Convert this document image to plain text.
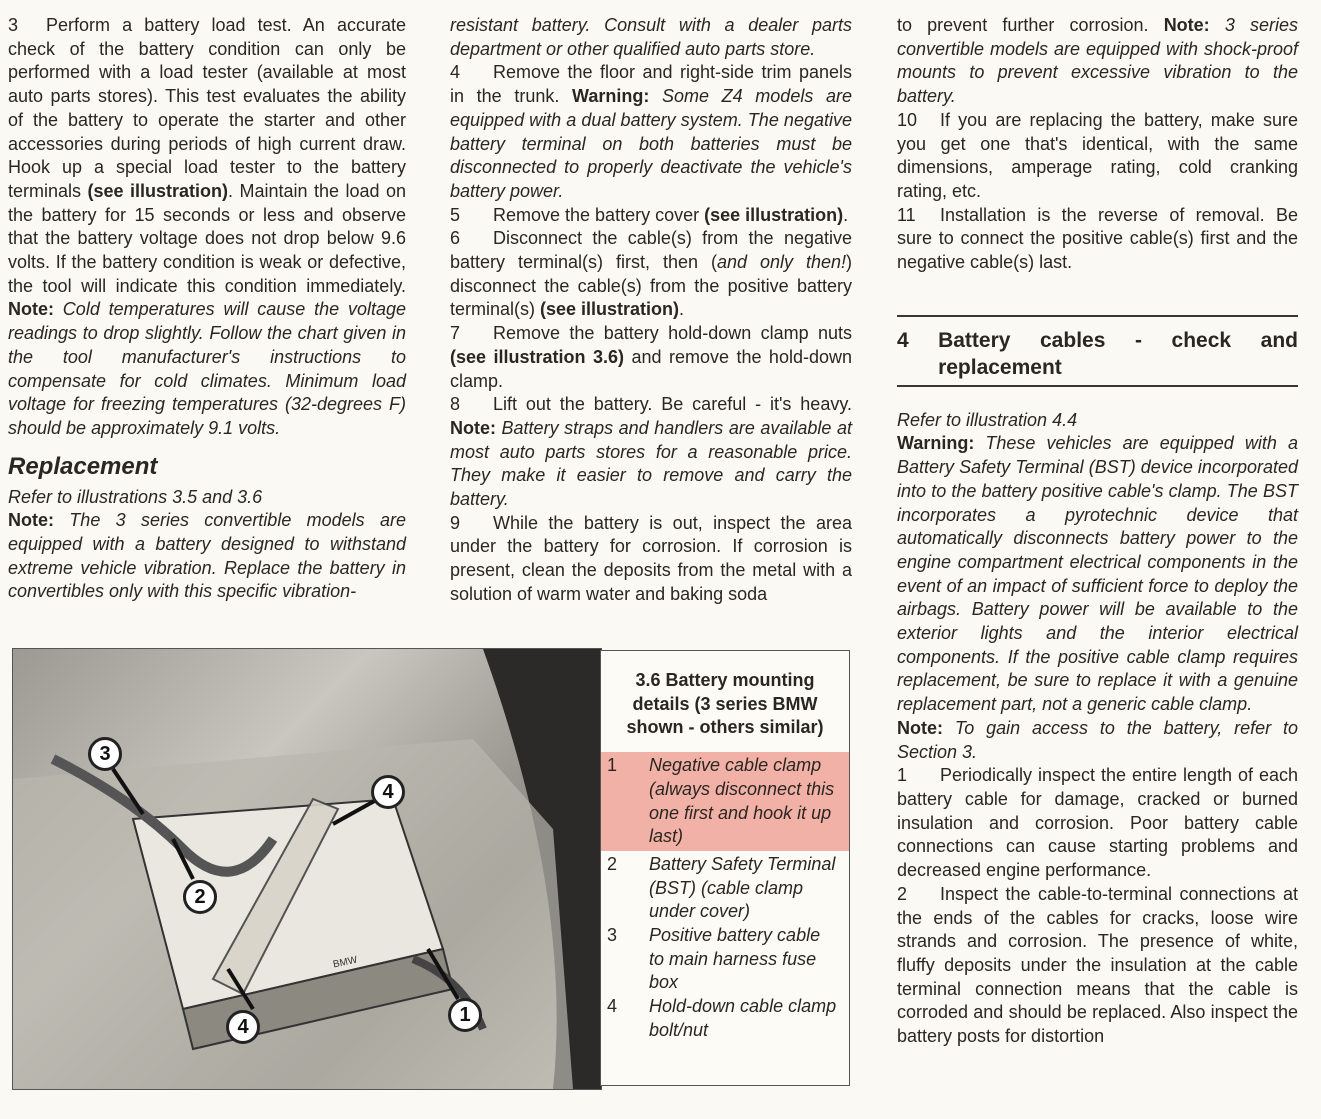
3 Perform a battery load test. An accurate check of the battery condition can only be performed with a load tester (available at most auto parts stores). This test evaluates the ability of the battery to operate the starter and other accessories during periods of high current draw. Hook up a special load tester to the battery terminals (see illustration). Maintain the load on the battery for 15 seconds or less and observe that the battery voltage does not drop below 9.6 volts. If the battery condition is weak or defective, the tool will indicate this condition immediately. Note: Cold temperatures will cause the voltage readings to drop slightly. Follow the chart given in the tool manufacturer's instructions to compensate for cold climates. Minimum load voltage for freezing temperatures (32-degrees F) should be approximately 9.1 volts.

Replacement

Refer to illustrations 3.5 and 3.6

Note: The 3 series convertible models are equipped with a battery designed to withstand extreme vehicle vibration. Replace the battery in convertibles only with this specific vibration-

resistant battery. Consult with a dealer parts department or other qualified auto parts store.

4 Remove the floor and right-side trim panels in the trunk. Warning: Some Z4 models are equipped with a dual battery system. The negative battery terminal on both batteries must be disconnected to properly deactivate the vehicle's battery power.

5 Remove the battery cover (see illustration).

6 Disconnect the cable(s) from the negative battery terminal(s) first, then (and only then!) disconnect the cable(s) from the positive battery terminal(s) (see illustration).

7 Remove the battery hold-down clamp nuts (see illustration 3.6) and remove the hold-down clamp.

8 Lift out the battery. Be careful - it's heavy. Note: Battery straps and handlers are available at most auto parts stores for a reasonable price. They make it easier to remove and carry the battery.

9 While the battery is out, inspect the area under the battery for corrosion. If corrosion is present, clean the deposits from the metal with a solution of warm water and baking soda

to prevent further corrosion. Note: 3 series convertible models are equipped with shock-proof mounts to prevent excessive vibration to the battery.

10 If you are replacing the battery, make sure you get one that's identical, with the same dimensions, amperage rating, cold cranking rating, etc.

11 Installation is the reverse of removal. Be sure to connect the positive cable(s) first and the negative cable(s) last.

4	Battery cables - check and replacement

Refer to illustration 4.4

Warning: These vehicles are equipped with a Battery Safety Terminal (BST) device incorporated into to the battery positive cable's clamp. The BST incorporates a pyrotechnic device that automatically disconnects battery power to the engine compartment electrical components in the event of an impact of sufficient force to deploy the airbags. Battery power will be available to the exterior lights and the interior electrical components. If the positive cable clamp requires replacement, be sure to replace it with a genuine replacement part, not a generic cable clamp.

Note: To gain access to the battery, refer to Section 3.

1 Periodically inspect the entire length of each battery cable for damage, cracked or burned insulation and corrosion. Poor battery cable connections can cause starting problems and decreased engine performance.

2 Inspect the cable-to-terminal connections at the ends of the cables for cracks, loose wire strands and corrosion. The presence of white, fluffy deposits under the insulation at the cable terminal connection means that the cable is corroded and should be replaced. Also inspect the battery posts for distortion

BMW
3
4
2
4
1
3.6 Battery mounting details (3 series BMW shown - others similar)
1	Negative cable clamp (always disconnect this one first and hook it up last)
2	Battery Safety Terminal (BST) (cable clamp under cover)
3	Positive battery cable to main harness fuse box
4	Hold-down cable clamp bolt/nut
